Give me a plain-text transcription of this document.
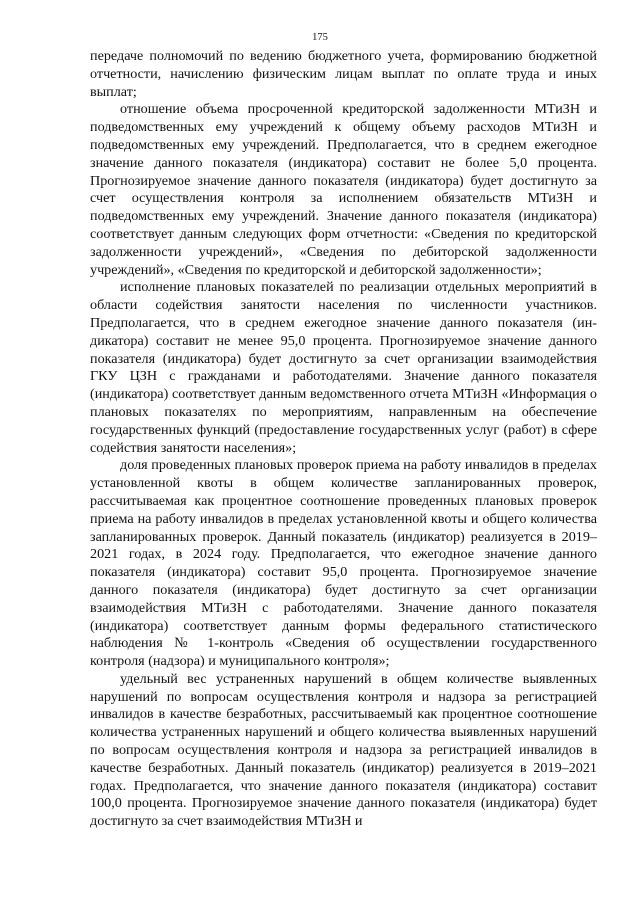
175

передаче полномочий по ведению бюджетного учета, формированию бюджетной отчетности, начислению физическим лицам выплат по оплате труда и иных выплат;

отношение объема просроченной кредиторской задолженности МТиЗН и подведомственных ему учреждений к общему объему расходов МТиЗН и подведомственных ему учреждений. Предполагается, что в среднем ежегодное значение данного показателя (индикатора) составит не более 5,0 процента. Прогнозируемое значение данного показателя (индикатора) будет достигнуто за счет осуществления контроля за исполнением обязательств МТиЗН и подведомственных ему учреждений. Значение данного показателя (индикатора) соответствует данным следующих форм отчетности: «Сведения по кредиторской задолженности учреждений», «Сведения по дебиторской задолженности учреждений», «Сведения по кредиторской и дебиторской задолженности»;

исполнение плановых показателей по реализации отдельных мероприятий в области содействия занятости населения по численности участников. Предполагается, что в среднем ежегодное значение данного показателя (индикатора) составит не менее 95,0 процента. Прогнозируемое значение данного показателя (индикатора) будет достигнуто за счет организации взаимодействия ГКУ ЦЗН с гражданами и работодателями. Значение данного показателя (индикатора) соответствует данным ведомственного отчета МТиЗН «Информация о плановых показателях по мероприятиям, направленным на обеспечение государственных функций (предоставление государственных услуг (работ) в сфере содействия занятости населения»;

доля проведенных плановых проверок приема на работу инвалидов в пределах установленной квоты в общем количестве запланированных проверок, рассчитываемая как процентное соотношение проведенных плановых проверок приема на работу инвалидов в пределах установленной квоты и общего количества запланированных проверок. Данный показатель (индикатор) реализуется в 2019–2021 годах, в 2024 году. Предполагается, что ежегодное значение данного показателя (индикатора) составит 95,0 процента. Прогнозируемое значение данного показателя (индикатора) будет достигнуто за счет организации взаимодействия МТиЗН с работодателями. Значение данного показателя (индикатора) соответствует данным формы федерального статистического наблюдения № 1-контроль «Сведения об осуществлении государственного контроля (надзора) и муниципального контроля»;

удельный вес устраненных нарушений в общем количестве выявленных нарушений по вопросам осуществления контроля и надзора за регистрацией инвалидов в качестве безработных, рассчитываемый как процентное соотношение количества устраненных нарушений и общего количества выявленных нарушений по вопросам осуществления контроля и надзора за регистрацией инвалидов в качестве безработных. Данный показатель (индикатор) реализуется в 2019–2021 годах. Предполагается, что значение данного показателя (индикатора) составит 100,0 процента. Прогнозируемое значение данного показателя (индикатора) будет достигнуто за счет взаимодействия МТиЗН и
